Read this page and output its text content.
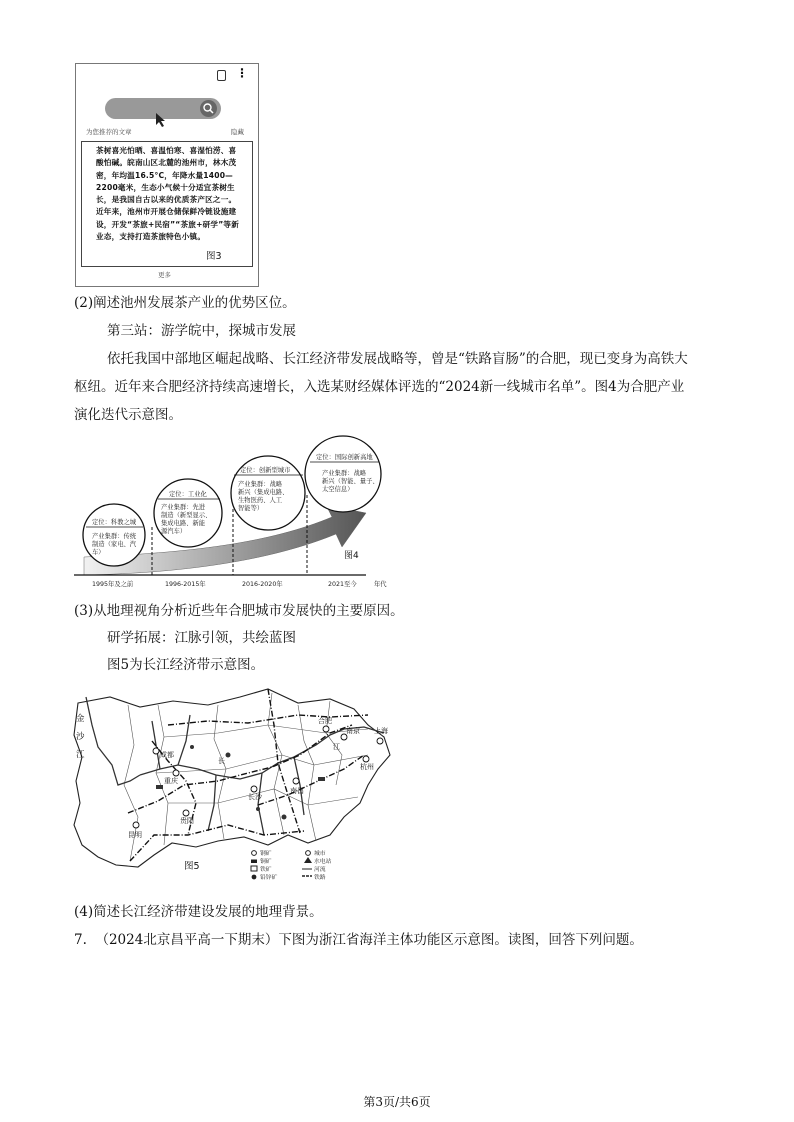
⋮
为您推荐的文章	隐藏

茶树喜光怕晒、喜温怕寒、喜湿怕涝、喜酸怕碱。皖南山区北麓的池州市，林木茂密，年均温16.5°C，年降水量1400—2200毫米，生态小气候十分适宜茶树生长，是我国自古以来的优质茶产区之一。近年来，池州市开展仓储保鲜冷链设施建设，开发“茶旅+民宿”“茶旅+研学”等新业态，支持打造茶旅特色小镇。

图3
更多
(2)阐述池州发展茶产业的优势区位。
第三站：游学皖中，探城市发展
依托我国中部地区崛起战略、长江经济带发展战略等，曾是“铁路盲肠”的合肥，现已变身为高铁大
枢纽。近年来合肥经济持续高速增长，入选某财经媒体评选的“2024新一线城市名单”。图4为合肥产业
演化迭代示意图。
定位：科教之城
产业集群：传统
制造（家电、汽
车）
定位：工业化
产业集群：先进
制造（新型显示、
集成电路、新能
源汽车）
定位：创新型城市
产业集群：战略
新兴（集成电路、
生物医药、人工
智能等）
定位：国际创新高地
产业集群：战略
新兴（智能、量子、
太空信息）
图4
1995年及之前	1996-2015年	2016-2020年	2021至今	年代
(3)从地理视角分析近些年合肥城市发展快的主要原因。
研学拓展：江脉引领，共绘蓝图
图5为长江经济带示意图。
金
沙
江
长
江
成都
重庆
昆明
贵阳
长沙
南昌
合肥
南京 上海
杭州
图5
钢矿	城市
铜矿	水电站
铁矿	河流
铅锌矿	铁路
(4)简述长江经济带建设发展的地理背景。
7.  （2024北京昌平高一下期末）下图为浙江省海洋主体功能区示意图。读图，回答下列问题。
第3页/共6页
